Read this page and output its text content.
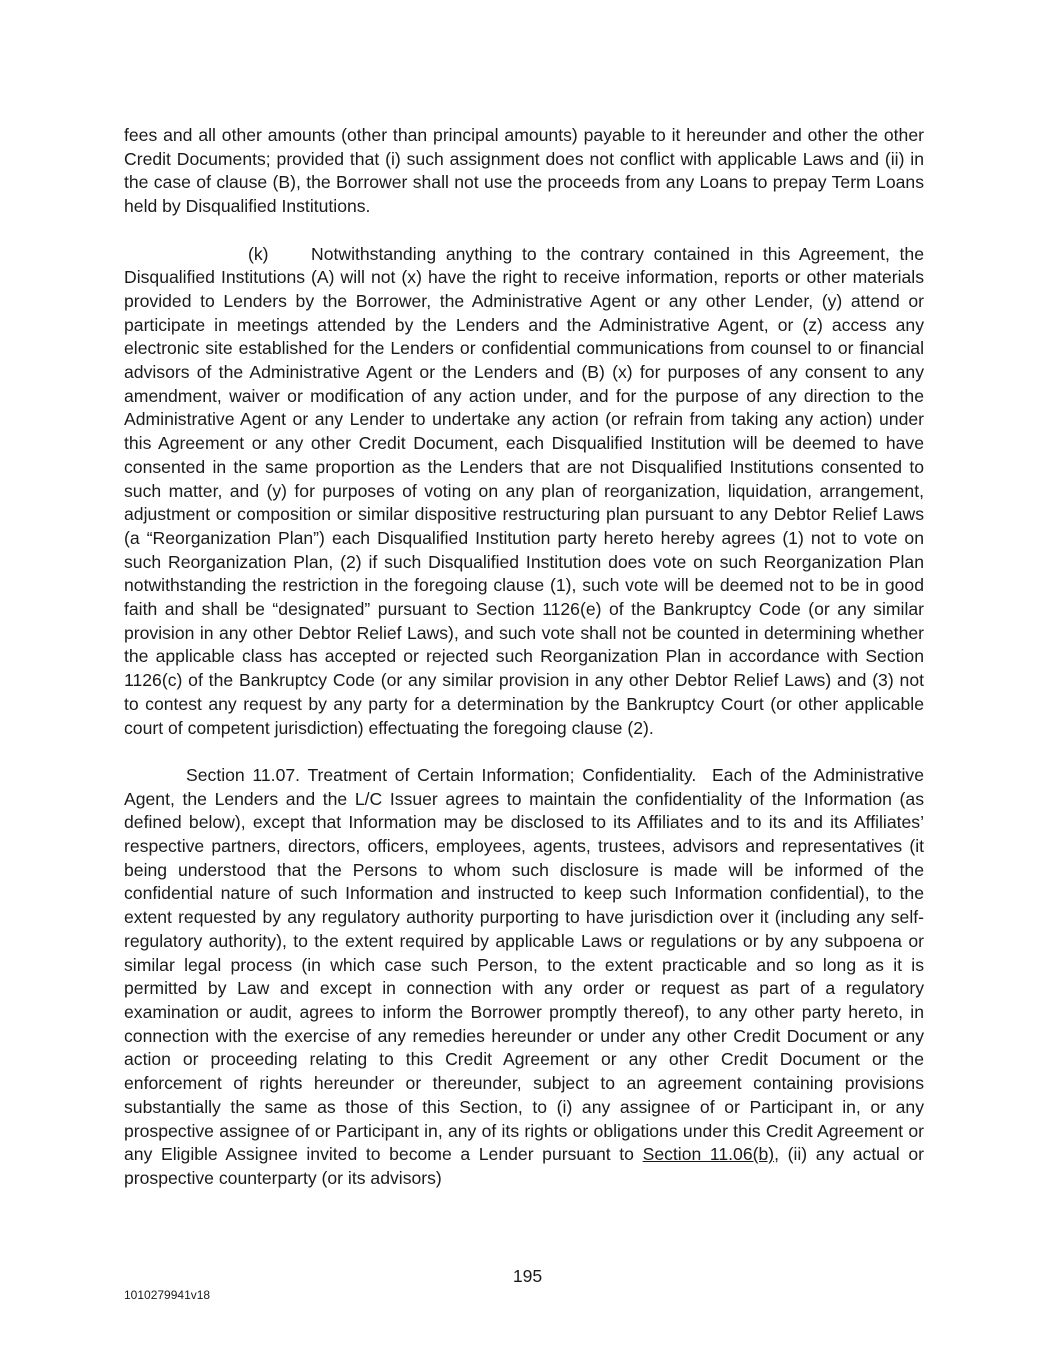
fees and all other amounts (other than principal amounts) payable to it hereunder and other the other Credit Documents; provided that (i) such assignment does not conflict with applicable Laws and (ii) in the case of clause (B), the Borrower shall not use the proceeds from any Loans to prepay Term Loans held by Disqualified Institutions.

(k) Notwithstanding anything to the contrary contained in this Agreement, the Disqualified Institutions (A) will not (x) have the right to receive information, reports or other materials provided to Lenders by the Borrower, the Administrative Agent or any other Lender, (y) attend or participate in meetings attended by the Lenders and the Administrative Agent, or (z) access any electronic site established for the Lenders or confidential communications from counsel to or financial advisors of the Administrative Agent or the Lenders and (B) (x) for purposes of any consent to any amendment, waiver or modification of any action under, and for the purpose of any direction to the Administrative Agent or any Lender to undertake any action (or refrain from taking any action) under this Agreement or any other Credit Document, each Disqualified Institution will be deemed to have consented in the same proportion as the Lenders that are not Disqualified Institutions consented to such matter, and (y) for purposes of voting on any plan of reorganization, liquidation, arrangement, adjustment or composition or similar dispositive restructuring plan pursuant to any Debtor Relief Laws (a “Reorganization Plan”) each Disqualified Institution party hereto hereby agrees (1) not to vote on such Reorganization Plan, (2) if such Disqualified Institution does vote on such Reorganization Plan notwithstanding the restriction in the foregoing clause (1), such vote will be deemed not to be in good faith and shall be “designated” pursuant to Section 1126(e) of the Bankruptcy Code (or any similar provision in any other Debtor Relief Laws), and such vote shall not be counted in determining whether the applicable class has accepted or rejected such Reorganization Plan in accordance with Section 1126(c) of the Bankruptcy Code (or any similar provision in any other Debtor Relief Laws) and (3) not to contest any request by any party for a determination by the Bankruptcy Court (or other applicable court of competent jurisdiction) effectuating the foregoing clause (2).

Section 11.07. Treatment of Certain Information; Confidentiality. Each of the Administrative Agent, the Lenders and the L/C Issuer agrees to maintain the confidentiality of the Information (as defined below), except that Information may be disclosed to its Affiliates and to its and its Affiliates’ respective partners, directors, officers, employees, agents, trustees, advisors and representatives (it being understood that the Persons to whom such disclosure is made will be informed of the confidential nature of such Information and instructed to keep such Information confidential), to the extent requested by any regulatory authority purporting to have jurisdiction over it (including any self-regulatory authority), to the extent required by applicable Laws or regulations or by any subpoena or similar legal process (in which case such Person, to the extent practicable and so long as it is permitted by Law and except in connection with any order or request as part of a regulatory examination or audit, agrees to inform the Borrower promptly thereof), to any other party hereto, in connection with the exercise of any remedies hereunder or under any other Credit Document or any action or proceeding relating to this Credit Agreement or any other Credit Document or the enforcement of rights hereunder or thereunder, subject to an agreement containing provisions substantially the same as those of this Section, to (i) any assignee of or Participant in, or any prospective assignee of or Participant in, any of its rights or obligations under this Credit Agreement or any Eligible Assignee invited to become a Lender pursuant to Section 11.06(b), (ii) any actual or prospective counterparty (or its advisors)

195
1010279941v18
